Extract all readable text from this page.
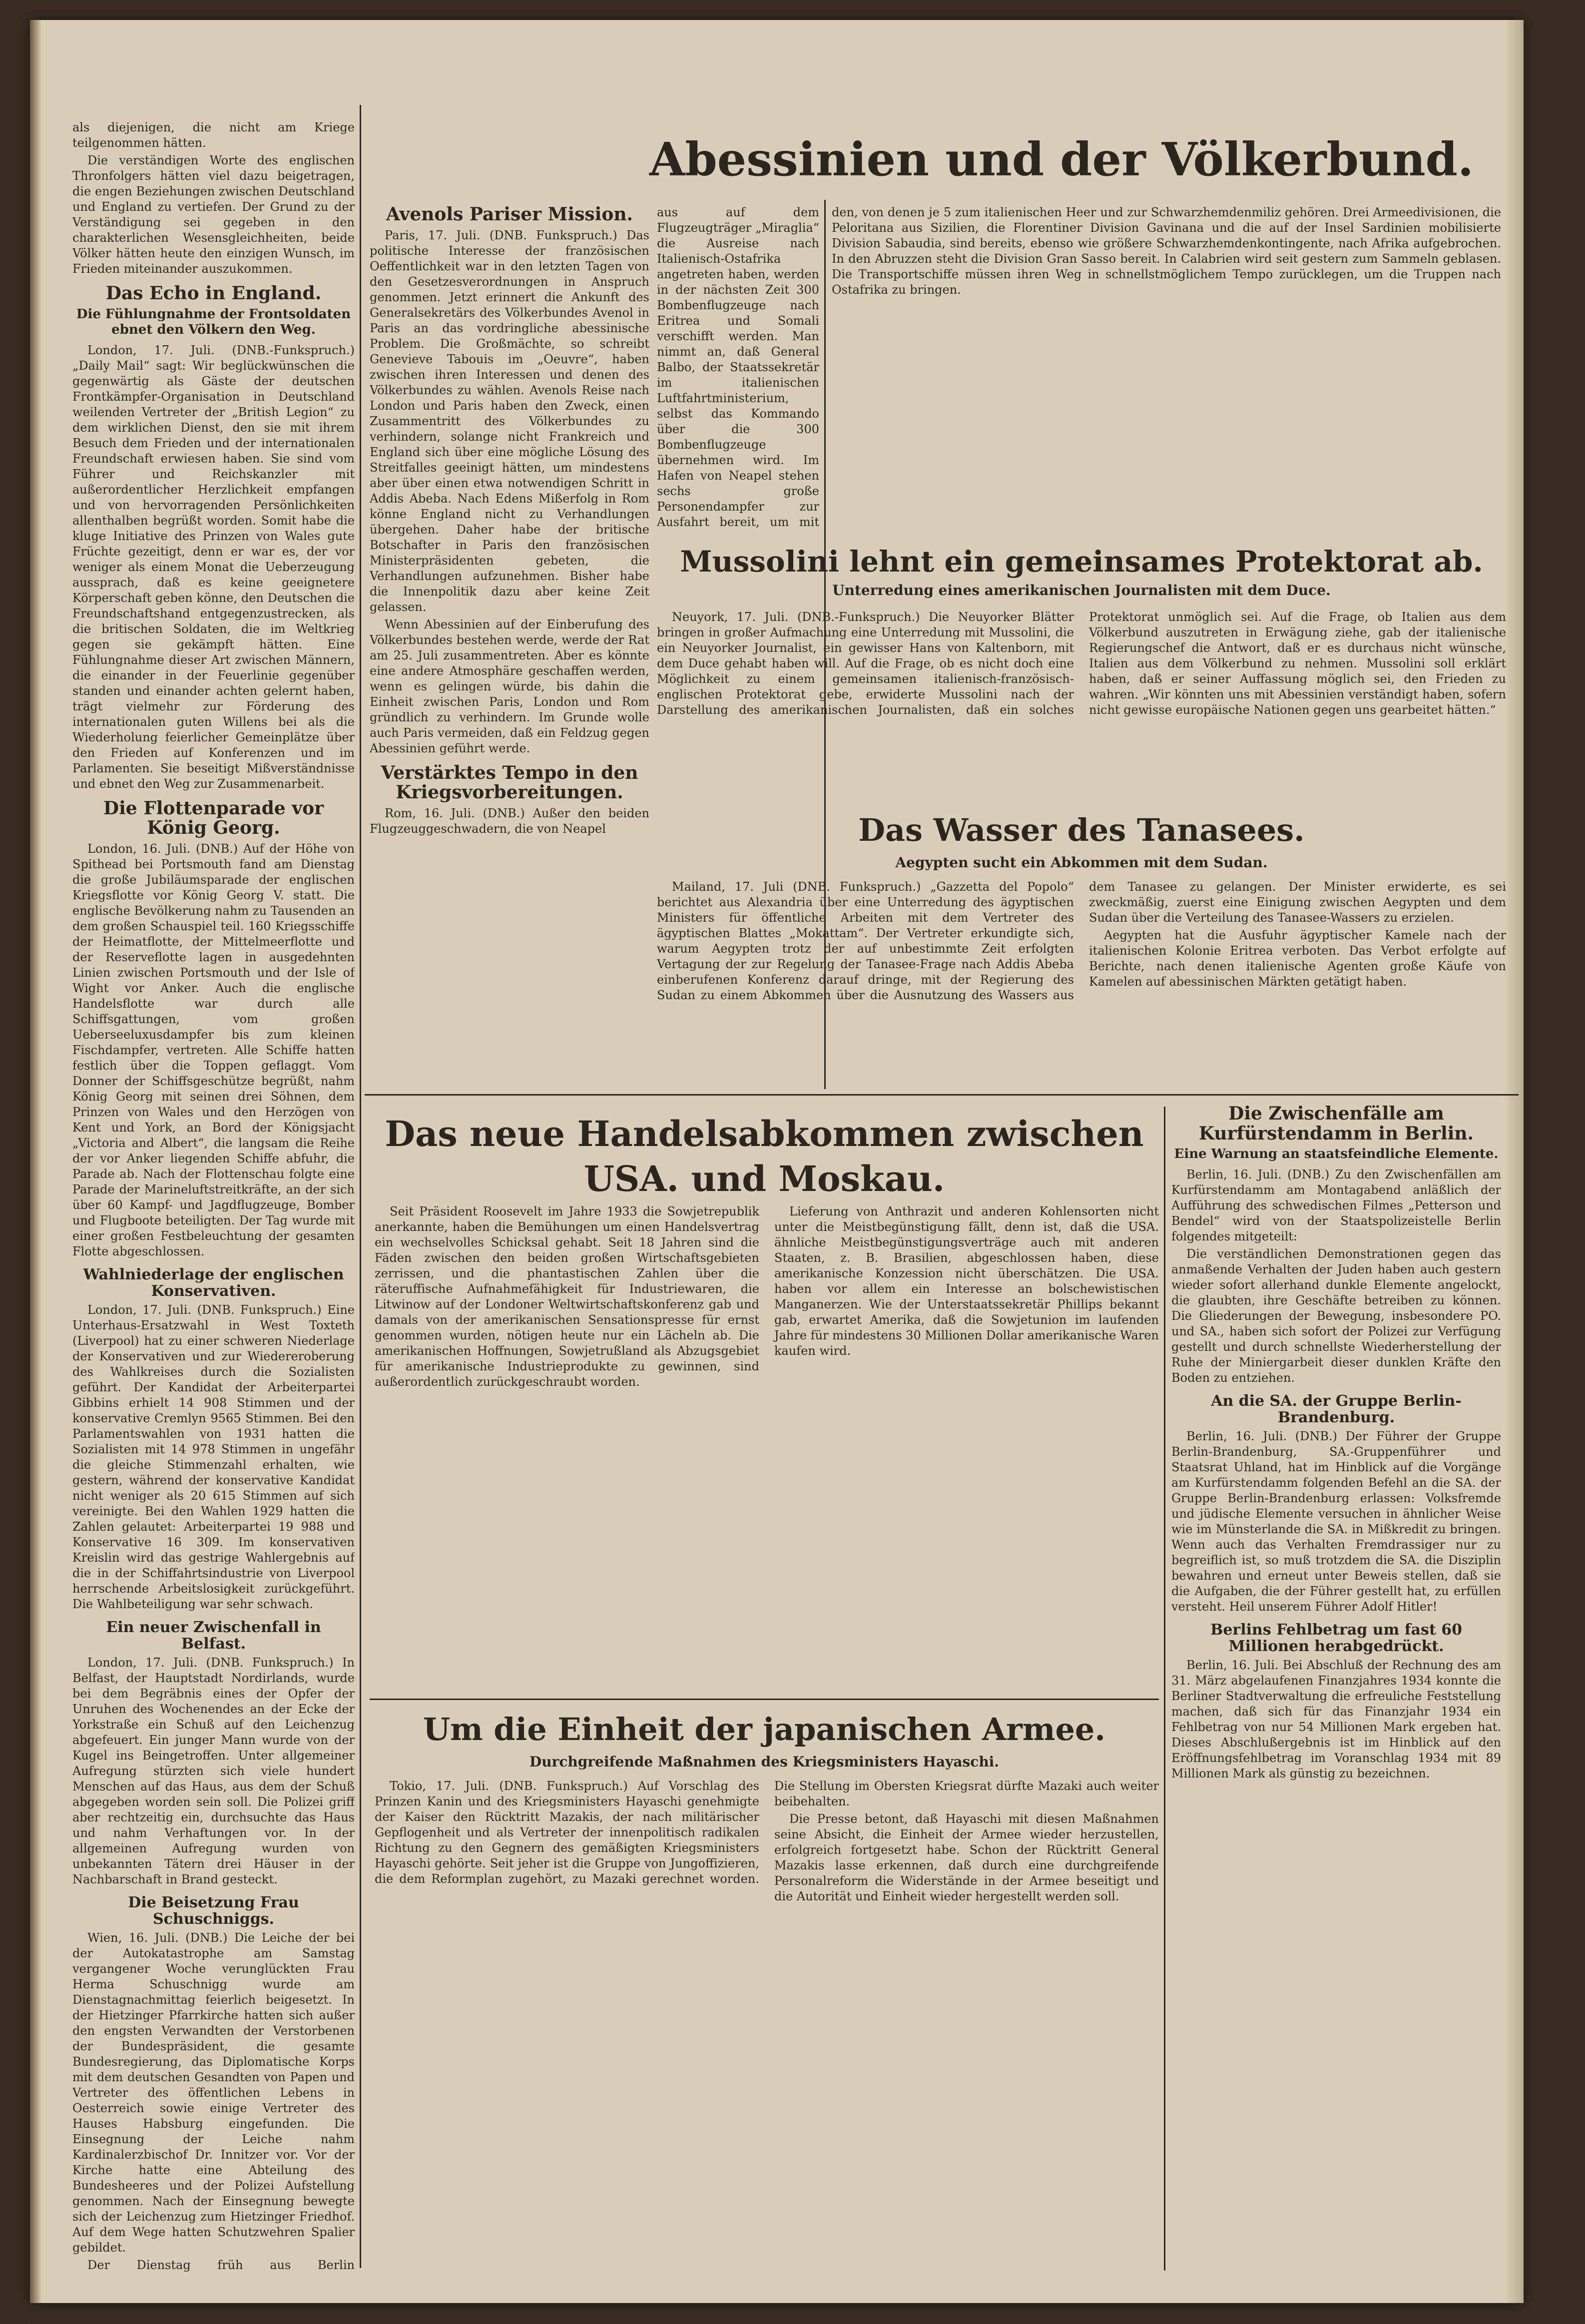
Abessinien und der Völkerbund.

als diejenigen, die nicht am Kriege teilgenommen hätten.

Die verständigen Worte des englischen Thronfolgers hätten viel dazu beigetragen, die engen Beziehungen zwischen Deutschland und England zu vertiefen. Der Grund zu der Verständigung sei gegeben in den charakterlichen Wesensgleichheiten, beide Völker hätten heute den einzigen Wunsch, im Frieden miteinander auszukommen.

Das Echo in England.
Die Fühlungnahme der Frontsoldaten ebnet den Völkern den Weg.

London, 17. Juli. (DNB.-Funkspruch.) „Daily Mail“ sagt: Wir beglückwünschen die gegenwärtig als Gäste der deutschen Frontkämpfer-Organisation in Deutschland weilenden Vertreter der „British Legion“ zu dem wirklichen Dienst, den sie mit ihrem Besuch dem Frieden und der internationalen Freundschaft erwiesen haben. Sie sind vom Führer und Reichskanzler mit außerordentlicher Herzlichkeit empfangen und von hervorragenden Persönlichkeiten allenthalben begrüßt worden. Somit habe die kluge Initiative des Prinzen von Wales gute Früchte gezeitigt, denn er war es, der vor weniger als einem Monat die Ueberzeugung aussprach, daß es keine geeignetere Körperschaft geben könne, den Deutschen die Freundschaftshand entgegenzustrecken, als die britischen Soldaten, die im Weltkrieg gegen sie gekämpft hätten. Eine Fühlungnahme dieser Art zwischen Männern, die einander in der Feuerlinie gegenüber standen und einander achten gelernt haben, trägt vielmehr zur Förderung des internationalen guten Willens bei als die Wiederholung feierlicher Gemeinplätze über den Frieden auf Konferenzen und im Parlamenten. Sie beseitigt Mißverständnisse und ebnet den Weg zur Zusammenarbeit.

Die Flottenparade vor König Georg.

London, 16. Juli. (DNB.) Auf der Höhe von Spithead bei Portsmouth fand am Dienstag die große Jubiläumsparade der englischen Kriegsflotte vor König Georg V. statt. Die englische Bevölkerung nahm zu Tausenden an dem großen Schauspiel teil. 160 Kriegsschiffe der Heimatflotte, der Mittelmeerflotte und der Reserveflotte lagen in ausgedehnten Linien zwischen Portsmouth und der Isle of Wight vor Anker. Auch die englische Handelsflotte war durch alle Schiffsgattungen, vom großen Ueberseeluxusdampfer bis zum kleinen Fischdampfer, vertreten. Alle Schiffe hatten festlich über die Toppen geflaggt. Vom Donner der Schiffsgeschütze begrüßt, nahm König Georg mit seinen drei Söhnen, dem Prinzen von Wales und den Herzögen von Kent und York, an Bord der Königsjacht „Victoria and Albert“, die langsam die Reihe der vor Anker liegenden Schiffe abfuhr, die Parade ab. Nach der Flottenschau folgte eine Parade der Marineluftstreitkräfte, an der sich über 60 Kampf- und Jagdflugzeuge, Bomber und Flugboote beteiligten. Der Tag wurde mit einer großen Festbeleuchtung der gesamten Flotte abgeschlossen.

Wahlniederlage der englischen Konservativen.

London, 17. Juli. (DNB. Funkspruch.) Eine Unterhaus-Ersatzwahl in West Toxteth (Liverpool) hat zu einer schweren Niederlage der Konservativen und zur Wiedereroberung des Wahlkreises durch die Sozialisten geführt. Der Kandidat der Arbeiterpartei Gibbins erhielt 14 908 Stimmen und der konservative Cremlyn 9565 Stimmen. Bei den Parlamentswahlen von 1931 hatten die Sozialisten mit 14 978 Stimmen in ungefähr die gleiche Stimmenzahl erhalten, wie gestern, während der konservative Kandidat nicht weniger als 20 615 Stimmen auf sich vereinigte. Bei den Wahlen 1929 hatten die Zahlen gelautet: Arbeiterpartei 19 988 und Konservative 16 309. Im konservativen Kreislin wird das gestrige Wahlergebnis auf die in der Schiffahrtsindustrie von Liverpool herrschende Arbeitslosigkeit zurückgeführt. Die Wahlbeteiligung war sehr schwach.

Ein neuer Zwischenfall in Belfast.

London, 17. Juli. (DNB. Funkspruch.) In Belfast, der Hauptstadt Nordirlands, wurde bei dem Begräbnis eines der Opfer der Unruhen des Wochenendes an der Ecke der Yorkstraße ein Schuß auf den Leichenzug abgefeuert. Ein junger Mann wurde von der Kugel ins Beingetroffen. Unter allgemeiner Aufregung stürzten sich viele hundert Menschen auf das Haus, aus dem der Schuß abgegeben worden sein soll. Die Polizei griff aber rechtzeitig ein, durchsuchte das Haus und nahm Verhaftungen vor. In der allgemeinen Aufregung wurden von unbekannten Tätern drei Häuser in der Nachbarschaft in Brand gesteckt.

Die Beisetzung Frau Schuschniggs.

Wien, 16. Juli. (DNB.) Die Leiche der bei der Autokatastrophe am Samstag vergangener Woche verunglückten Frau Herma Schuschnigg wurde am Dienstagnachmittag feierlich beigesetzt. In der Hietzinger Pfarrkirche hatten sich außer den engsten Verwandten der Verstorbenen der Bundespräsident, die gesamte Bundesregierung, das Diplomatische Korps mit dem deutschen Gesandten von Papen und Vertreter des öffentlichen Lebens in Oesterreich sowie einige Vertreter des Hauses Habsburg eingefunden. Die Einsegnung der Leiche nahm Kardinalerzbischof Dr. Innitzer vor. Vor der Kirche hatte eine Abteilung des Bundesheeres und der Polizei Aufstellung genommen. Nach der Einsegnung bewegte sich der Leichenzug zum Hietzinger Friedhof. Auf dem Wege hatten Schutzwehren Spalier gebildet.

Der Dienstag früh aus Berlin

Avenols Pariser Mission.

Paris, 17. Juli. (DNB. Funkspruch.) Das politische Interesse der französischen Oeffentlichkeit war in den letzten Tagen von den Gesetzesverordnungen in Anspruch genommen. Jetzt erinnert die Ankunft des Generalsekretärs des Völkerbundes Avenol in Paris an das vordringliche abessinische Problem. Die Großmächte, so schreibt Genevieve Tabouis im „Oeuvre“, haben zwischen ihren Interessen und denen des Völkerbundes zu wählen. Avenols Reise nach London und Paris haben den Zweck, einen Zusammentritt des Völkerbundes zu verhindern, solange nicht Frankreich und England sich über eine mögliche Lösung des Streitfalles geeinigt hätten, um mindestens aber über einen etwa notwendigen Schritt in Addis Abeba. Nach Edens Mißerfolg in Rom könne England nicht zu Verhandlungen übergehen. Daher habe der britische Botschafter in Paris den französischen Ministerpräsidenten gebeten, die Verhandlungen aufzunehmen. Bisher habe die Innenpolitik dazu aber keine Zeit gelassen.

Wenn Abessinien auf der Einberufung des Völkerbundes bestehen werde, werde der Rat am 25. Juli zusammentreten. Aber es könnte eine andere Atmosphäre geschaffen werden, wenn es gelingen würde, bis dahin die Einheit zwischen Paris, London und Rom gründlich zu verhindern. Im Grunde wolle auch Paris vermeiden, daß ein Feldzug gegen Abessinien geführt werde.

Verstärktes Tempo in den Kriegsvorbereitungen.

Rom, 16. Juli. (DNB.) Außer den beiden Flugzeuggeschwadern, die von Neapel

aus auf dem Flugzeugträger „Miraglia“ die Ausreise nach Italienisch-Ostafrika angetreten haben, werden in der nächsten Zeit 300 Bombenflugzeuge nach Eritrea und Somali verschifft werden. Man nimmt an, daß General Balbo, der Staatssekretär im italienischen Luftfahrtministerium, selbst das Kommando über die 300 Bombenflugzeuge übernehmen wird. Im Hafen von Neapel stehen sechs große Personendampfer zur Ausfahrt bereit, um mit

den, von denen je 5 zum italienischen Heer und zur Schwarzhemdenmiliz gehören. Drei Armeedivisionen, die Peloritana aus Sizilien, die Florentiner Division Gavinana und die auf der Insel Sardinien mobilisierte Division Sabaudia, sind bereits, ebenso wie größere Schwarzhemdenkontingente, nach Afrika aufgebrochen. In den Abruzzen steht die Division Gran Sasso bereit. In Calabrien wird seit gestern zum Sammeln geblasen. Die Transportschiffe müssen ihren Weg in schnellstmöglichem Tempo zurücklegen, um die Truppen nach Ostafrika zu bringen.

Mussolini lehnt ein gemeinsames Protektorat ab.
Unterredung eines amerikanischen Journalisten mit dem Duce.

Neuyork, 17. Juli. (DNB.-Funkspruch.) Die Neuyorker Blätter bringen in großer Aufmachung eine Unterredung mit Mussolini, die ein Neuyorker Journalist, ein gewisser Hans von Kaltenborn, mit dem Duce gehabt haben will. Auf die Frage, ob es nicht doch eine Möglichkeit zu einem gemeinsamen italienisch-französisch-englischen Protektorat gebe, erwiderte Mussolini nach der Darstellung des amerikanischen Journalisten, daß ein solches Protektorat unmöglich sei. Auf die Frage, ob Italien aus dem Völkerbund auszutreten in Erwägung ziehe, gab der italienische Regierungschef die Antwort, daß er es durchaus nicht wünsche, Italien aus dem Völkerbund zu nehmen. Mussolini soll erklärt haben, daß er seiner Auffassung möglich sei, den Frieden zu wahren. „Wir könnten uns mit Abessinien verständigt haben, sofern nicht gewisse europäische Nationen gegen uns gearbeitet hätten.“

Das Wasser des Tanasees.
Aegypten sucht ein Abkommen mit dem Sudan.

Mailand, 17. Juli (DNB. Funkspruch.) „Gazzetta del Popolo“ berichtet aus Alexandria über eine Unterredung des ägyptischen Ministers für öffentliche Arbeiten mit dem Vertreter des ägyptischen Blattes „Mokattam“. Der Vertreter erkundigte sich, warum Aegypten trotz der auf unbestimmte Zeit erfolgten Vertagung der zur Regelung der Tanasee-Frage nach Addis Abeba einberufenen Konferenz darauf dringe, mit der Regierung des Sudan zu einem Abkommen über die Ausnutzung des Wassers aus dem Tanasee zu gelangen. Der Minister erwiderte, es sei zweckmäßig, zuerst eine Einigung zwischen Aegypten und dem Sudan über die Verteilung des Tanasee-Wassers zu erzielen.

Aegypten hat die Ausfuhr ägyptischer Kamele nach der italienischen Kolonie Eritrea verboten. Das Verbot erfolgte auf Berichte, nach denen italienische Agenten große Käufe von Kamelen auf abessinischen Märkten getätigt haben.

Das neue Handelsabkommen zwischen USA. und Moskau.

Seit Präsident Roosevelt im Jahre 1933 die Sowjetrepublik anerkannte, haben die Bemühungen um einen Handelsvertrag ein wechselvolles Schicksal gehabt. Seit 18 Jahren sind die Fäden zwischen den beiden großen Wirtschaftsgebieten zerrissen, und die phantastischen Zahlen über die räteruffische Aufnahmefähigkeit für Industriewaren, die Litwinow auf der Londoner Weltwirtschaftskonferenz gab und damals von der amerikanischen Sensationspresse für ernst genommen wurden, nötigen heute nur ein Lächeln ab. Die amerikanischen Hoffnungen, Sowjetrußland als Abzugsgebiet für amerikanische Industrieprodukte zu gewinnen, sind außerordentlich zurückgeschraubt worden.

Lieferung von Anthrazit und anderen Kohlensorten nicht unter die Meistbegünstigung fällt, denn ist, daß die USA. ähnliche Meistbegünstigungsverträge auch mit anderen Staaten, z. B. Brasilien, abgeschlossen haben, diese amerikanische Konzession nicht überschätzen. Die USA. haben vor allem ein Interesse an bolschewistischen Manganerzen. Wie der Unterstaatssekretär Phillips bekannt gab, erwartet Amerika, daß die Sowjetunion im laufenden Jahre für mindestens 30 Millionen Dollar amerikanische Waren kaufen wird.

Um die Einheit der japanischen Armee.
Durchgreifende Maßnahmen des Kriegsministers Hayaschi.

Tokio, 17. Juli. (DNB. Funkspruch.) Auf Vorschlag des Prinzen Kanin und des Kriegsministers Hayaschi genehmigte der Kaiser den Rücktritt Mazakis, der nach militärischer Gepflogenheit und als Vertreter der innenpolitisch radikalen Richtung zu den Gegnern des gemäßigten Kriegsministers Hayaschi gehörte. Seit jeher ist die Gruppe von Jungoffizieren, die dem Reformplan zugehört, zu Mazaki gerechnet worden. Die Stellung im Obersten Kriegsrat dürfte Mazaki auch weiter beibehalten.

Die Presse betont, daß Hayaschi mit diesen Maßnahmen seine Absicht, die Einheit der Armee wieder herzustellen, erfolgreich fortgesetzt habe. Schon der Rücktritt General Mazakis lasse erkennen, daß durch eine durchgreifende Personalreform die Widerstände in der Armee beseitigt und die Autorität und Einheit wieder hergestellt werden soll.

Die Zwischenfälle am Kurfürstendamm in Berlin.
Eine Warnung an staatsfeindliche Elemente.

Berlin, 16. Juli. (DNB.) Zu den Zwischenfällen am Kurfürstendamm am Montagabend anläßlich der Aufführung des schwedischen Filmes „Petterson und Bendel“ wird von der Staatspolizeistelle Berlin folgendes mitgeteilt:

Die verständlichen Demonstrationen gegen das anmaßende Verhalten der Juden haben auch gestern wieder sofort allerhand dunkle Elemente angelockt, die glaubten, ihre Geschäfte betreiben zu können. Die Gliederungen der Bewegung, insbesondere PO. und SA., haben sich sofort der Polizei zur Verfügung gestellt und durch schnellste Wiederherstellung der Ruhe der Miniergarbeit dieser dunklen Kräfte den Boden zu entziehen.

An die SA. der Gruppe Berlin-Brandenburg.

Berlin, 16. Juli. (DNB.) Der Führer der Gruppe Berlin-Brandenburg, SA.-Gruppenführer und Staatsrat Uhland, hat im Hinblick auf die Vorgänge am Kurfürstendamm folgenden Befehl an die SA. der Gruppe Berlin-Brandenburg erlassen: Volksfremde und jüdische Elemente versuchen in ähnlicher Weise wie im Münsterlande die SA. in Mißkredit zu bringen. Wenn auch das Verhalten Fremdrassiger nur zu begreiflich ist, so muß trotzdem die SA. die Disziplin bewahren und erneut unter Beweis stellen, daß sie die Aufgaben, die der Führer gestellt hat, zu erfüllen versteht. Heil unserem Führer Adolf Hitler!

Berlins Fehlbetrag um fast 60 Millionen herabgedrückt.

Berlin, 16. Juli. Bei Abschluß der Rechnung des am 31. März abgelaufenen Finanzjahres 1934 konnte die Berliner Stadtverwaltung die erfreuliche Feststellung machen, daß sich für das Finanzjahr 1934 ein Fehlbetrag von nur 54 Millionen Mark ergeben hat. Dieses Abschlußergebnis ist im Hinblick auf den Eröffnungsfehlbetrag im Voranschlag 1934 mit 89 Millionen Mark als günstig zu bezeichnen.
